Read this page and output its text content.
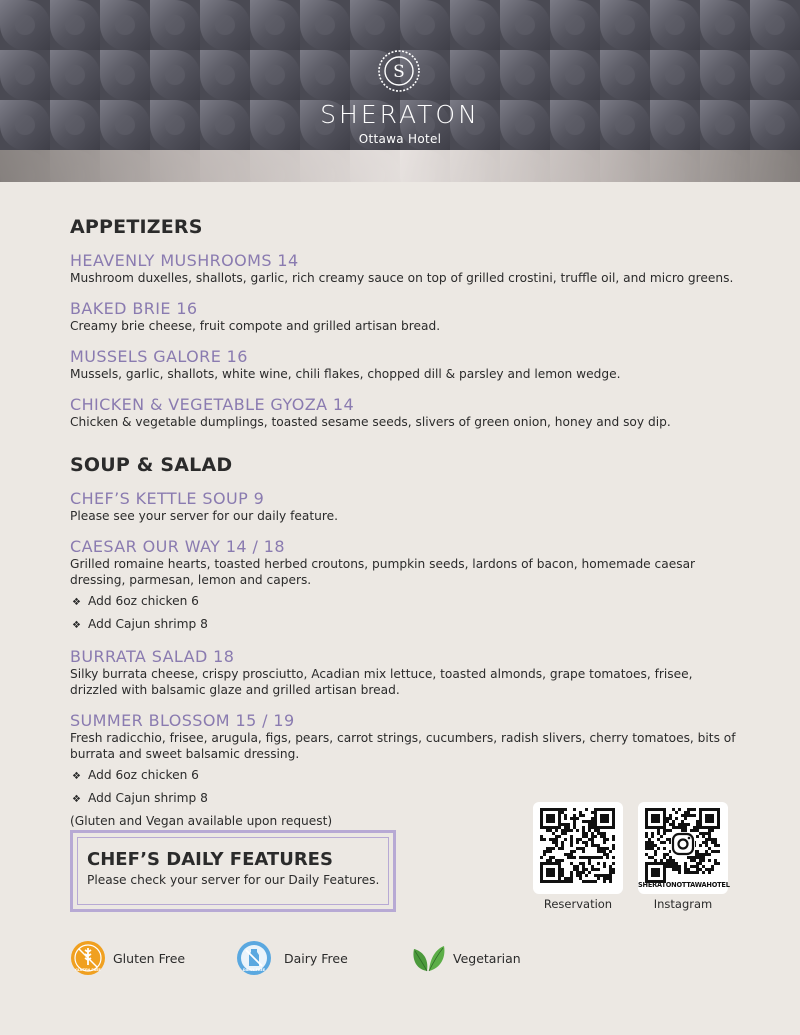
S
SHERATON
Ottawa Hotel
APPETIZERS
HEAVENLY MUSHROOMS 14
Mushroom duxelles, shallots, garlic, rich creamy sauce on top of grilled crostini, truffle oil, and micro greens.
BAKED BRIE 16
Creamy brie cheese, fruit compote and grilled artisan bread.
MUSSELS GALORE 16
Mussels, garlic, shallots, white wine, chili flakes, chopped dill & parsley and lemon wedge.
CHICKEN & VEGETABLE GYOZA 14
Chicken & vegetable dumplings, toasted sesame seeds, slivers of green onion, honey and soy dip.
SOUP & SALAD
CHEF’S KETTLE SOUP 9
Please see your server for our daily feature.
CAESAR OUR WAY 14 / 18
Grilled romaine hearts, toasted herbed croutons, pumpkin seeds, lardons of bacon, homemade caesar dressing, parmesan, lemon and capers.
❖ Add 6oz chicken 6
❖ Add Cajun shrimp 8
BURRATA SALAD 18
Silky burrata cheese, crispy prosciutto, Acadian mix lettuce, toasted almonds, grape tomatoes, frisee, drizzled with balsamic glaze and grilled artisan bread.
SUMMER BLOSSOM 15 / 19
Fresh radicchio, frisee, arugula, figs, pears, carrot strings, cucumbers, radish slivers, cherry tomatoes, bits of burrata and sweet balsamic dressing.
❖ Add 6oz chicken 6
❖ Add Cajun shrimp 8
(Gluten and Vegan available upon request)
CHEF’S DAILY FEATURES
Please check your server for our Daily Features.
Reservation
SHERATONOTTAWAHOTEL
Instagram
GLUTEN FREE
Gluten Free
DAIRY FREE
Dairy Free	Vegetarian
